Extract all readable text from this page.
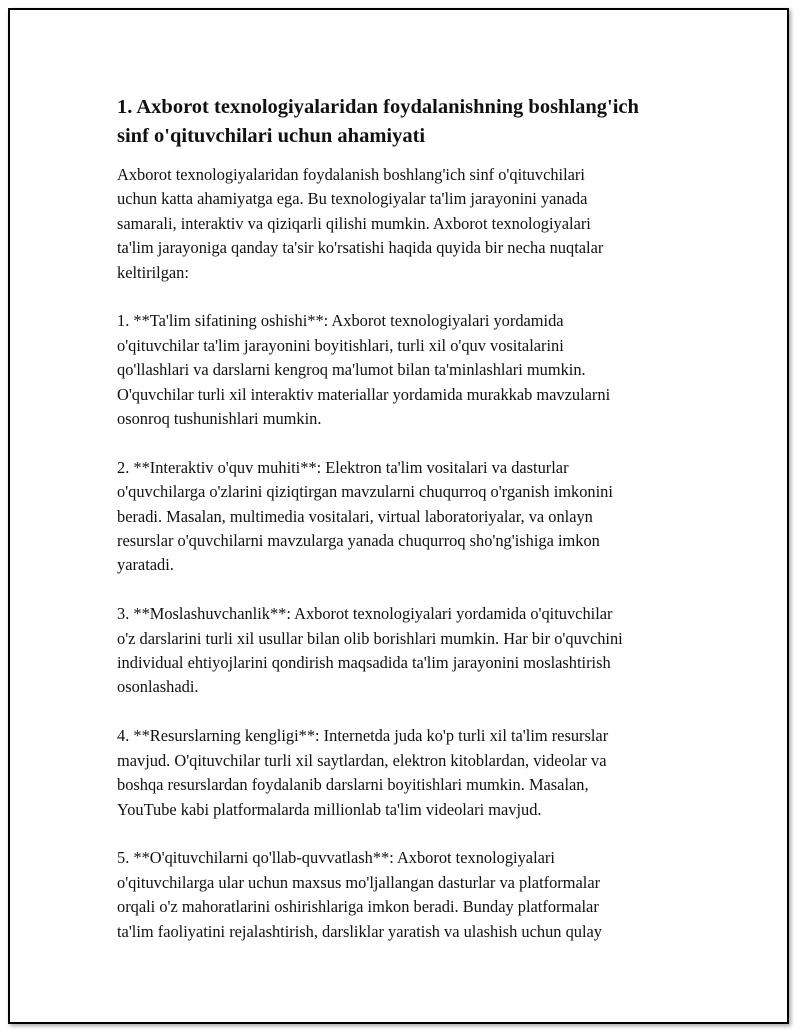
1. Axborot texnologiyalaridan foydalanishning boshlang'ich
sinf o'qituvchilari uchun ahamiyati

Axborot texnologiyalaridan foydalanish boshlang'ich sinf o'qituvchilari
uchun katta ahamiyatga ega. Bu texnologiyalar ta'lim jarayonini yanada
samarali, interaktiv va qiziqarli qilishi mumkin. Axborot texnologiyalari
ta'lim jarayoniga qanday ta'sir ko'rsatishi haqida quyida bir necha nuqtalar
keltirilgan:

1. **Ta'lim sifatining oshishi**: Axborot texnologiyalari yordamida
o'qituvchilar ta'lim jarayonini boyitishlari, turli xil o'quv vositalarini
qo'llashlari va darslarni kengroq ma'lumot bilan ta'minlashlari mumkin.
O'quvchilar turli xil interaktiv materiallar yordamida murakkab mavzularni
osonroq tushunishlari mumkin.

2. **Interaktiv o'quv muhiti**: Elektron ta'lim vositalari va dasturlar
o'quvchilarga o'zlarini qiziqtirgan mavzularni chuqurroq o'rganish imkonini
beradi. Masalan, multimedia vositalari, virtual laboratoriyalar, va onlayn
resurslar o'quvchilarni mavzularga yanada chuqurroq sho'ng'ishiga imkon
yaratadi.

3. **Moslashuvchanlik**: Axborot texnologiyalari yordamida o'qituvchilar
o'z darslarini turli xil usullar bilan olib borishlari mumkin. Har bir o'quvchini
individual ehtiyojlarini qondirish maqsadida ta'lim jarayonini moslashtirish
osonlashadi.

4. **Resurslarning kengligi**: Internetda juda ko'p turli xil ta'lim resurslar
mavjud. O'qituvchilar turli xil saytlardan, elektron kitoblardan, videolar va
boshqa resurslardan foydalanib darslarni boyitishlari mumkin. Masalan,
YouTube kabi platformalarda millionlab ta'lim videolari mavjud.

5. **O'qituvchilarni qo'llab-quvvatlash**: Axborot texnologiyalari
o'qituvchilarga ular uchun maxsus mo'ljallangan dasturlar va platformalar
orqali o'z mahoratlarini oshirishlariga imkon beradi. Bunday platformalar
ta'lim faoliyatini rejalashtirish, darsliklar yaratish va ulashish uchun qulay
